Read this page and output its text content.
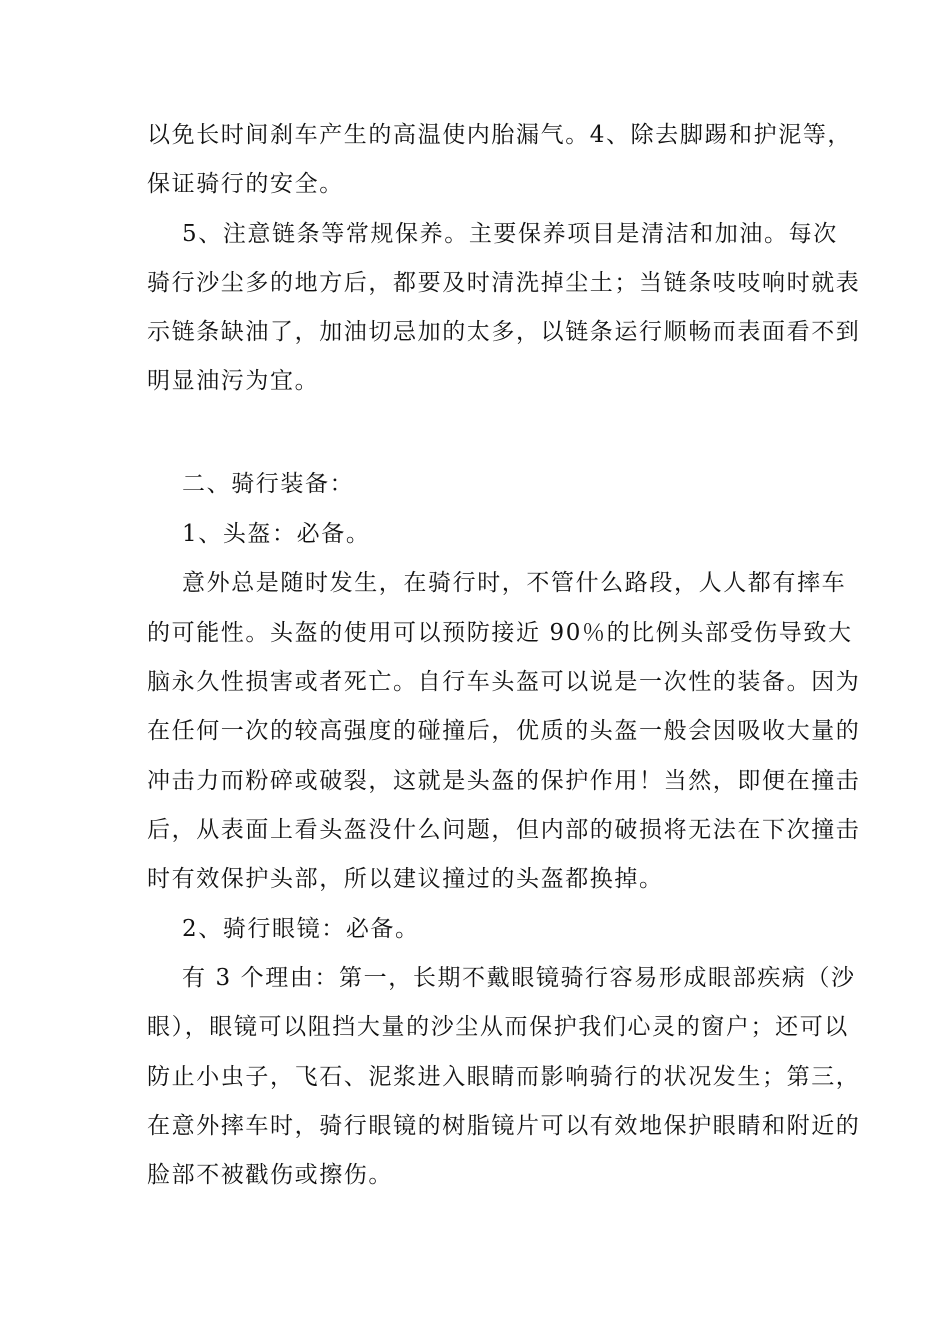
以免长时间刹车产生的高温使内胎漏气。4、除去脚踢和护泥等，
保证骑行的安全。
5、注意链条等常规保养。主要保养项目是清洁和加油。每次
骑行沙尘多的地方后，都要及时清洗掉尘土；当链条吱吱响时就表
示链条缺油了，加油切忌加的太多，以链条运行顺畅而表面看不到
明显油污为宜。
二、骑行装备：
1、头盔：必备。
意外总是随时发生，在骑行时，不管什么路段，人人都有摔车
的可能性。头盔的使用可以预防接近 90％的比例头部受伤导致大
脑永久性损害或者死亡。自行车头盔可以说是一次性的装备。因为
在任何一次的较高强度的碰撞后，优质的头盔一般会因吸收大量的
冲击力而粉碎或破裂，这就是头盔的保护作用！当然，即便在撞击
后，从表面上看头盔没什么问题，但内部的破损将无法在下次撞击
时有效保护头部，所以建议撞过的头盔都换掉。
2、骑行眼镜：必备。
有 3 个理由：第一，长期不戴眼镜骑行容易形成眼部疾病（沙
眼），眼镜可以阻挡大量的沙尘从而保护我们心灵的窗户；还可以
防止小虫子，飞石、泥浆进入眼睛而影响骑行的状况发生；第三，
在意外摔车时，骑行眼镜的树脂镜片可以有效地保护眼睛和附近的
脸部不被戳伤或擦伤。
